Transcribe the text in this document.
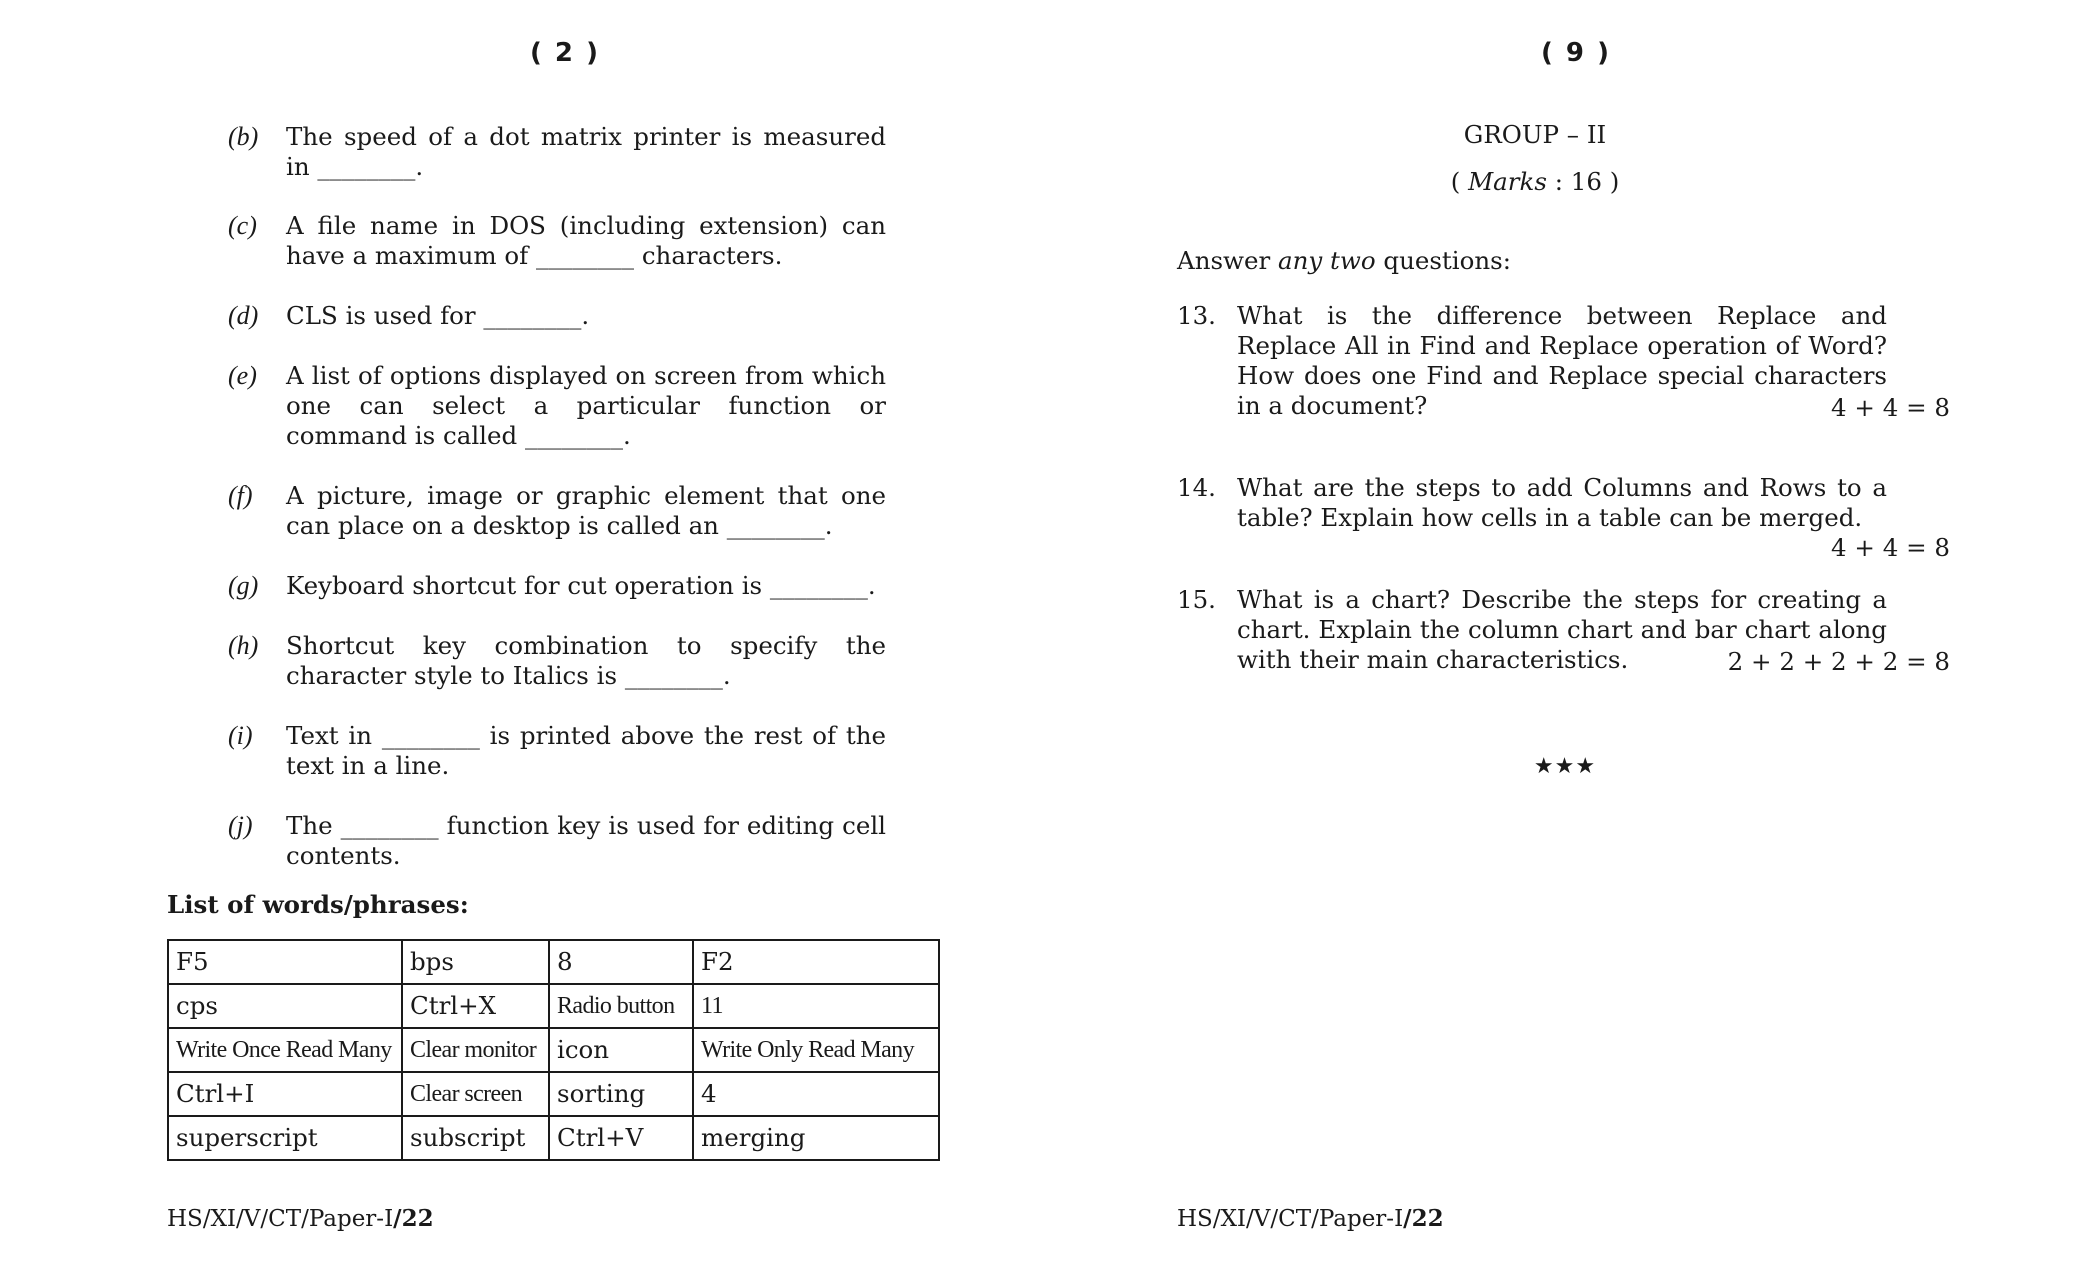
( 2 )
(b) The speed of a dot matrix printer is measured in ________.
(c) A file name in DOS (including extension) can have a maximum of ________ characters.
(d) CLS is used for ________.
(e) A list of options displayed on screen from which one can select a particular function or command is called ________.
(f) A picture, image or graphic element that one can place on a desktop is called an ________.
(g) Keyboard shortcut for cut operation is ________.
(h) Shortcut key combination to specify the character style to Italics is ________.
(i) Text in ________ is printed above the rest of the text in a line.
(j) The ________ function key is used for editing cell contents.
List of words/phrases:
F5	bps	8	F2
cps	Ctrl+X	Radio button	11
Write Once Read Many	Clear monitor	icon	Write Only Read Many
Ctrl+I	Clear screen	sorting	4
superscript	subscript	Ctrl+V	merging
HS/XI/V/CT/Paper-I/22
( 9 )
GROUP – II
( Marks : 16 )
Answer any two questions:
13. What is the difference between Replace and Replace All in Find and Replace operation of Word? How does one Find and Replace special characters in a document?	4 + 4 = 8
14. What are the steps to add Columns and Rows to a table? Explain how cells in a table can be merged.
4 + 4 = 8
15. What is a chart? Describe the steps for creating a chart. Explain the column chart and bar chart along with their main characteristics.	2 + 2 + 2 + 2 = 8
★★★
HS/XI/V/CT/Paper-I/22
